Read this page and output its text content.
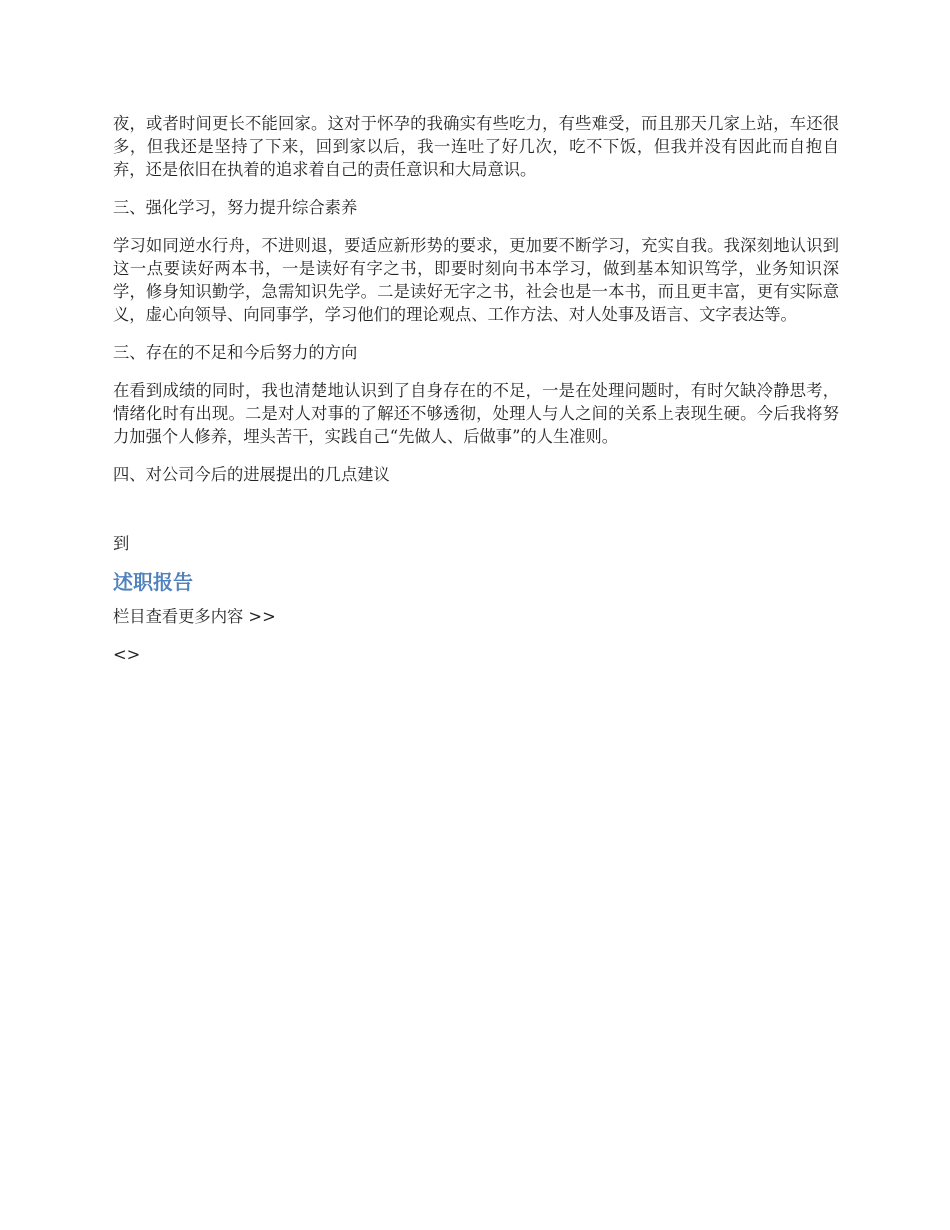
夜，或者时间更长不能回家。这对于怀孕的我确实有些吃力，有些难受，而且那天几家上站，车还很多，但我还是坚持了下来，回到家以后，我一连吐了好几次，吃不下饭，但我并没有因此而自抱自弃，还是依旧在执着的追求着自己的责任意识和大局意识。

三、强化学习，努力提升综合素养

学习如同逆水行舟，不进则退，要适应新形势的要求，更加要不断学习，充实自我。我深刻地认识到这一点要读好两本书，一是读好有字之书，即要时刻向书本学习，做到基本知识笃学，业务知识深学，修身知识勤学，急需知识先学。二是读好无字之书，社会也是一本书，而且更丰富，更有实际意义，虚心向领导、向同事学，学习他们的理论观点、工作方法、对人处事及语言、文字表达等。

三、存在的不足和今后努力的方向

在看到成绩的同时，我也清楚地认识到了自身存在的不足，一是在处理问题时，有时欠缺冷静思考，情绪化时有出现。二是对人对事的了解还不够透彻，处理人与人之间的关系上表现生硬。今后我将努力加强个人修养，埋头苦干，实践自己“先做人、后做事”的人生准则。

四、对公司今后的进展提出的几点建议

到

述职报告

栏目查看更多内容 >>

<>
